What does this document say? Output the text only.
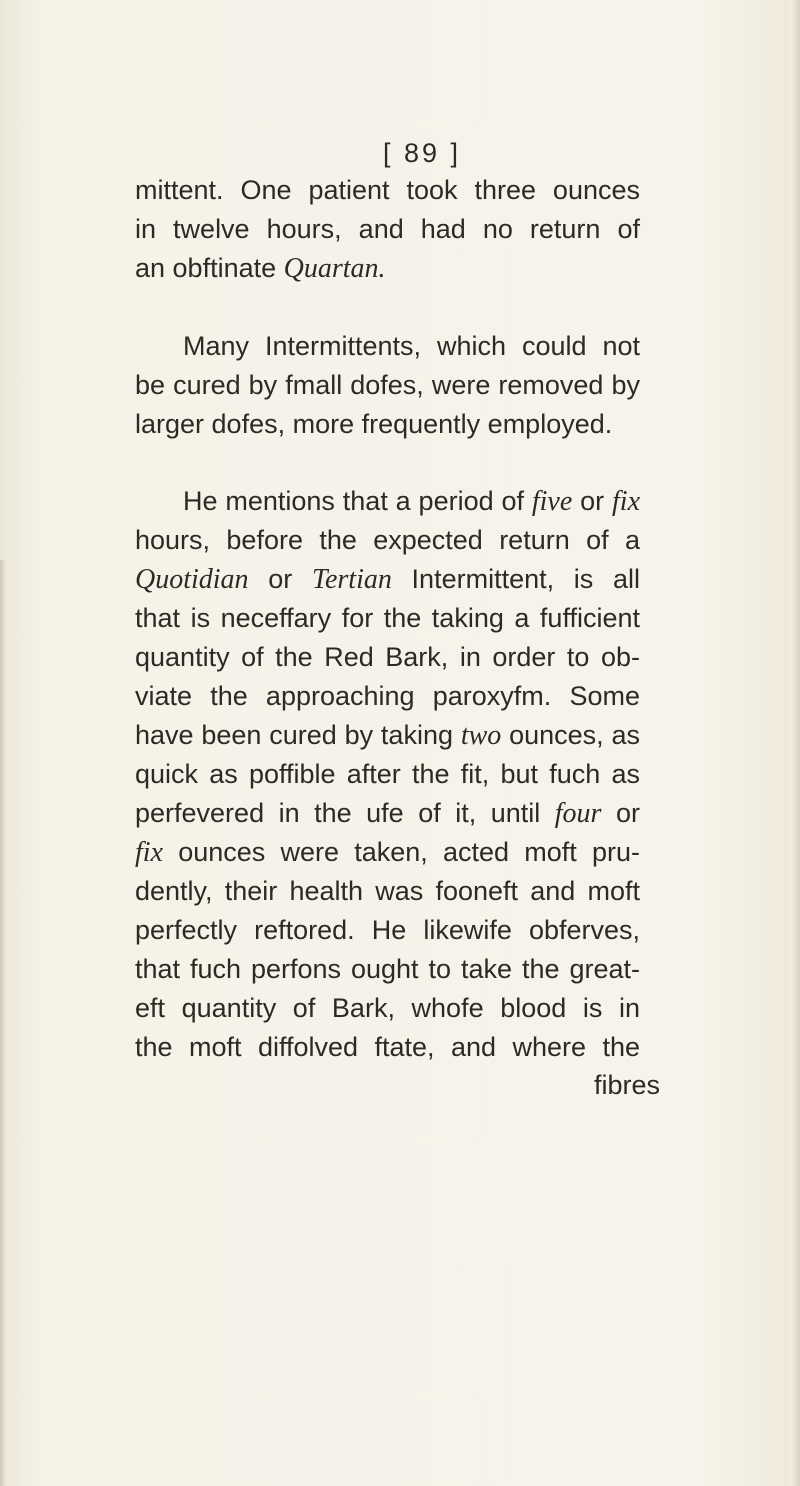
[ 89 ]
mittent. One patient took three ounces
in twelve hours, and had no return of
an obftinate Quartan.
Many Intermittents, which could not
be cured by fmall dofes, were removed by
larger dofes, more frequently employed.
He mentions that a period of five or fix
hours, before the expected return of a
Quotidian or Tertian Intermittent, is all
that is neceffary for the taking a fufficient
quantity of the Red Bark, in order to ob-
viate the approaching paroxyfm. Some
have been cured by taking two ounces, as
quick as poffible after the fit, but fuch as
perfevered in the ufe of it, until four or
fix ounces were taken, acted moft pru-
dently, their health was fooneft and moft
perfectly reftored. He likewife obferves,
that fuch perfons ought to take the great-
eft quantity of Bark, whofe blood is in
the moft diffolved ftate, and where the
fibres
